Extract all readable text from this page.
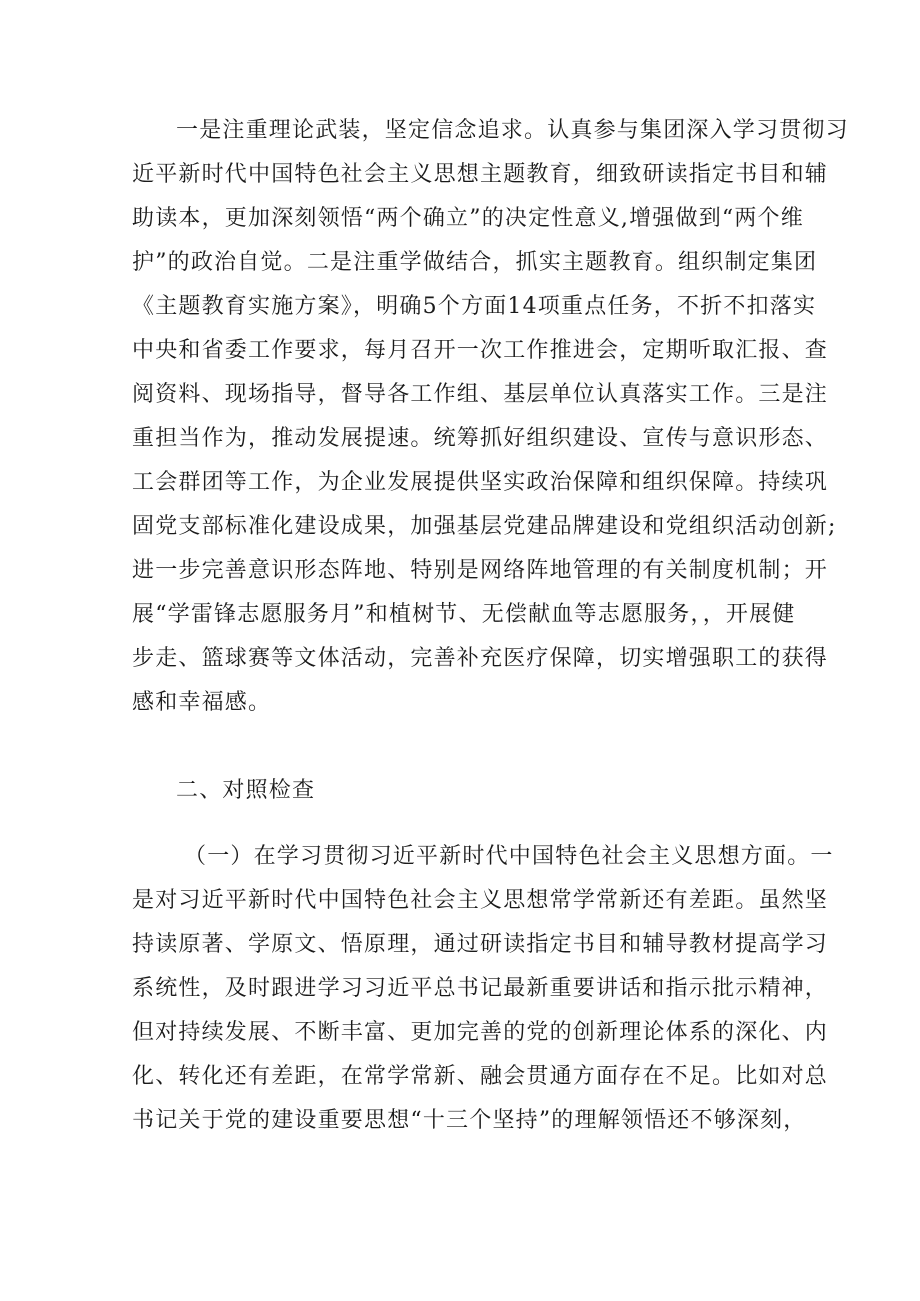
一是注重理论武装，坚定信念追求。认真参与集团深入学习贯彻习
近平新时代中国特色社会主义思想主题教育，细致研读指定书目和辅
助读本，更加深刻领悟“两个确立”的决定性意义,增强做到“两个维
护”的政治自觉。二是注重学做结合，抓实主题教育。组织制定集团
《主题教育实施方案》，明确5个方面14项重点任务，不折不扣落实
中央和省委工作要求，每月召开一次工作推进会，定期听取汇报、查
阅资料、现场指导，督导各工作组、基层单位认真落实工作。三是注
重担当作为，推动发展提速。统筹抓好组织建设、宣传与意识形态、
工会群团等工作，为企业发展提供坚实政治保障和组织保障。持续巩
固党支部标准化建设成果，加强基层党建品牌建设和党组织活动创新;
进一步完善意识形态阵地、特别是网络阵地管理的有关制度机制；开
展“学雷锋志愿服务月”和植树节、无偿献血等志愿服务，，开展健
步走、篮球赛等文体活动，完善补充医疗保障，切实增强职工的获得
感和幸福感。
二、对照检查
（一）在学习贯彻习近平新时代中国特色社会主义思想方面。一
是对习近平新时代中国特色社会主义思想常学常新还有差距。虽然坚
持读原著、学原文、悟原理，通过研读指定书目和辅导教材提高学习
系统性，及时跟进学习习近平总书记最新重要讲话和指示批示精神，
但对持续发展、不断丰富、更加完善的党的创新理论体系的深化、内
化、转化还有差距，在常学常新、融会贯通方面存在不足。比如对总
书记关于党的建设重要思想“十三个坚持”的理解领悟还不够深刻，
